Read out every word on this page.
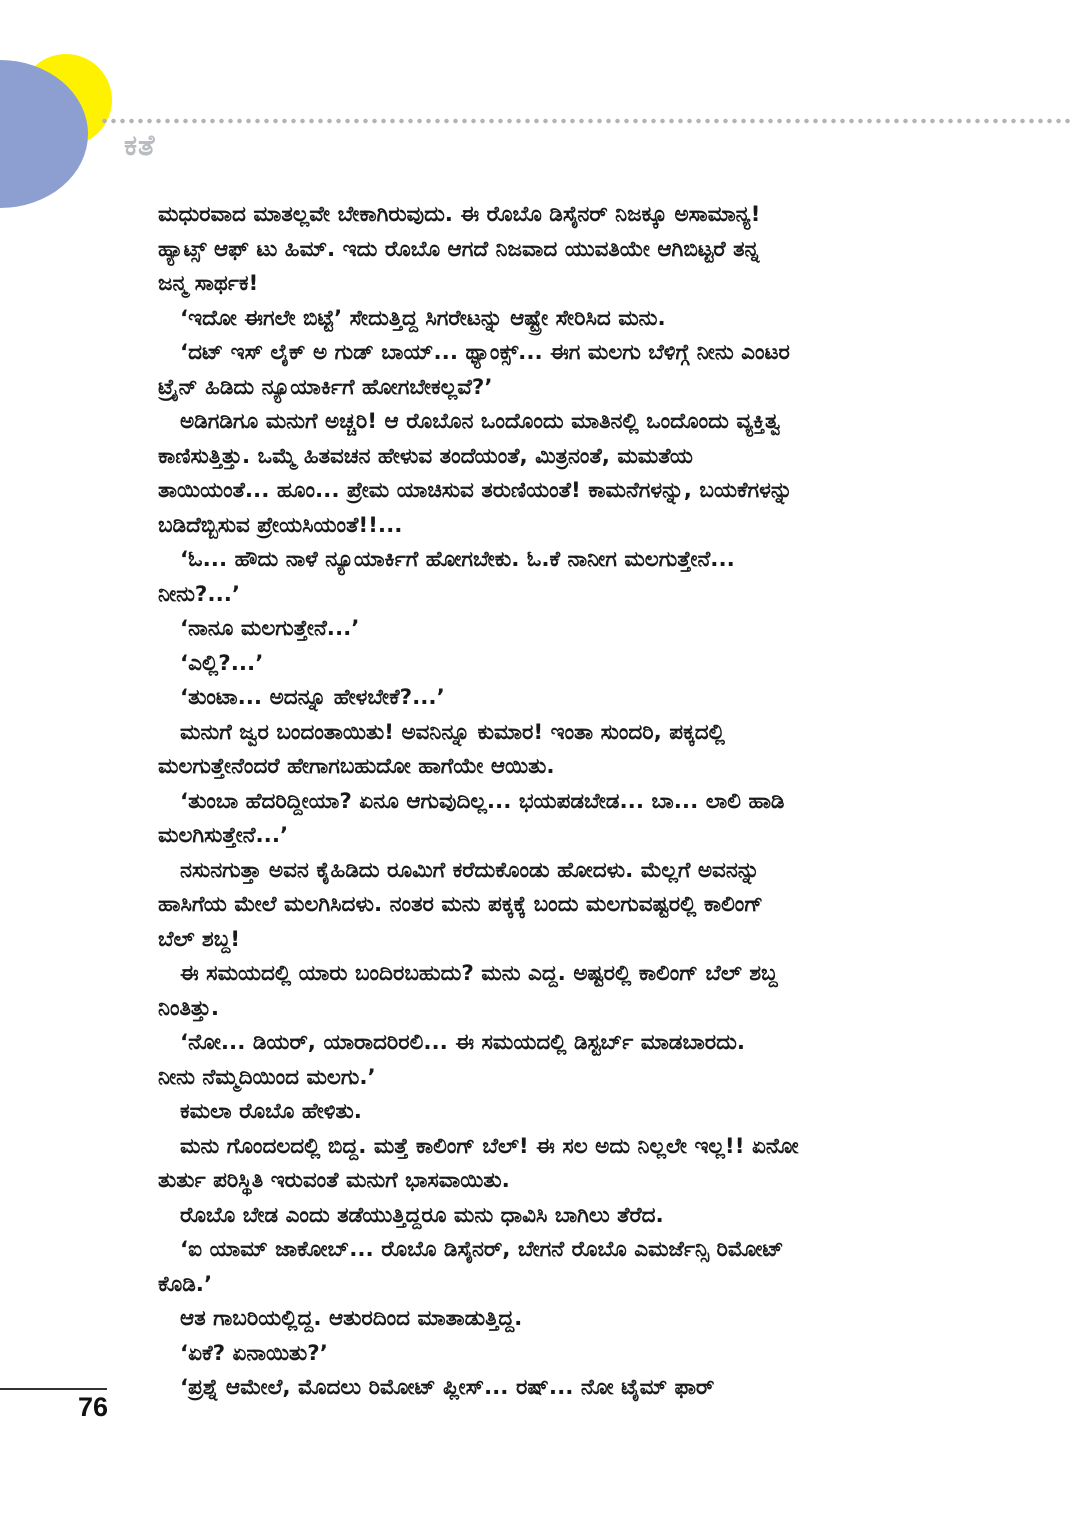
ಕತೆ
ಮಧುರವಾದ ಮಾತಲ್ಲವೇ ಬೇಕಾಗಿರುವುದು. ಈ ರೊಬೊ ಡಿಸೈನರ್ ನಿಜಕ್ಕೂ ಅಸಾಮಾನ್ಯ!
ಹ್ಯಾಟ್ಸ್ ಆಫ್ ಟು ಹಿಮ್. ಇದು ರೊಬೊ ಆಗದೆ ನಿಜವಾದ ಯುವತಿಯೇ ಆಗಿಬಿಟ್ಟರೆ ತನ್ನ
ಜನ್ಮ ಸಾರ್ಥಕ!
‘ಇದೋ ಈಗಲೇ ಬಿಟ್ಟೆ’ ಸೇದುತ್ತಿದ್ದ ಸಿಗರೇಟನ್ನು ಆಷ್ಟ್ರೇ ಸೇರಿಸಿದ ಮನು.
‘ದಟ್ ಇಸ್ ಲೈಕ್ ಅ ಗುಡ್ ಬಾಯ್... ಥ್ಯಾಂಕ್ಸ್... ಈಗ ಮಲಗು ಬೆಳಿಗ್ಗೆ ನೀನು ಎಂಟರ
ಟ್ರೈನ್ ಹಿಡಿದು ನ್ಯೂಯಾರ್ಕಿಗೆ ಹೋಗಬೇಕಲ್ಲವೆ?’
ಅಡಿಗಡಿಗೂ ಮನುಗೆ ಅಚ್ಚರಿ! ಆ ರೊಬೊನ ಒಂದೊಂದು ಮಾತಿನಲ್ಲಿ ಒಂದೊಂದು ವ್ಯಕ್ತಿತ್ವ
ಕಾಣಿಸುತ್ತಿತ್ತು. ಒಮ್ಮೆ ಹಿತವಚನ ಹೇಳುವ ತಂದೆಯಂತೆ, ಮಿತ್ರನಂತೆ, ಮಮತೆಯ
ತಾಯಿಯಂತೆ... ಹೂಂ... ಪ್ರೇಮ ಯಾಚಿಸುವ ತರುಣಿಯಂತೆ! ಕಾಮನೆಗಳನ್ನು, ಬಯಕೆಗಳನ್ನು
ಬಡಿದೆಬ್ಬಿಸುವ ಪ್ರೇಯಸಿಯಂತೆ!!...
‘ಓ... ಹೌದು ನಾಳೆ ನ್ಯೂಯಾರ್ಕಿಗೆ ಹೋಗಬೇಕು. ಓ.ಕೆ ನಾನೀಗ ಮಲಗುತ್ತೇನೆ...
ನೀನು?...’
‘ನಾನೂ ಮಲಗುತ್ತೇನೆ...’
‘ಎಲ್ಲಿ?...’
‘ತುಂಟಾ... ಅದನ್ನೂ ಹೇಳಬೇಕೆ?...’
ಮನುಗೆ ಜ್ವರ ಬಂದಂತಾಯಿತು! ಅವನಿನ್ನೂ ಕುಮಾರ! ಇಂತಾ ಸುಂದರಿ, ಪಕ್ಕದಲ್ಲಿ
ಮಲಗುತ್ತೇನೆಂದರೆ ಹೇಗಾಗಬಹುದೋ ಹಾಗೆಯೇ ಆಯಿತು.
‘ತುಂಬಾ ಹೆದರಿದ್ದೀಯಾ? ಏನೂ ಆಗುವುದಿಲ್ಲ... ಭಯಪಡಬೇಡ... ಬಾ... ಲಾಲಿ ಹಾಡಿ
ಮಲಗಿಸುತ್ತೇನೆ...’
ನಸುನಗುತ್ತಾ ಅವನ ಕೈಹಿಡಿದು ರೂಮಿಗೆ ಕರೆದುಕೊಂಡು ಹೋದಳು. ಮೆಲ್ಲಗೆ ಅವನನ್ನು
ಹಾಸಿಗೆಯ ಮೇಲೆ ಮಲಗಿಸಿದಳು. ನಂತರ ಮನು ಪಕ್ಕಕ್ಕೆ ಬಂದು ಮಲಗುವಷ್ಟರಲ್ಲಿ ಕಾಲಿಂಗ್
ಬೆಲ್ ಶಬ್ದ!
ಈ ಸಮಯದಲ್ಲಿ ಯಾರು ಬಂದಿರಬಹುದು? ಮನು ಎದ್ದ. ಅಷ್ಟರಲ್ಲಿ ಕಾಲಿಂಗ್ ಬೆಲ್ ಶಬ್ದ
ನಿಂತಿತ್ತು.
‘ನೋ... ಡಿಯರ್, ಯಾರಾದರಿರಲಿ... ಈ ಸಮಯದಲ್ಲಿ ಡಿಸ್ಟರ್ಬ್ ಮಾಡಬಾರದು.
ನೀನು ನೆಮ್ಮದಿಯಿಂದ ಮಲಗು.’
ಕಮಲಾ ರೊಬೊ ಹೇಳಿತು.
ಮನು ಗೊಂದಲದಲ್ಲಿ ಬಿದ್ದ. ಮತ್ತೆ ಕಾಲಿಂಗ್ ಬೆಲ್! ಈ ಸಲ ಅದು ನಿಲ್ಲಲೇ ಇಲ್ಲ!! ಏನೋ
ತುರ್ತು ಪರಿಸ್ಥಿತಿ ಇರುವಂತೆ ಮನುಗೆ ಭಾಸವಾಯಿತು.
ರೊಬೊ ಬೇಡ ಎಂದು ತಡೆಯುತ್ತಿದ್ದರೂ ಮನು ಧಾವಿಸಿ ಬಾಗಿಲು ತೆರೆದ.
‘ಐ ಯಾಮ್ ಜಾಕೋಬ್... ರೊಬೊ ಡಿಸೈನರ್, ಬೇಗನೆ ರೊಬೊ ಎಮರ್ಜೆನ್ಸಿ ರಿಮೋಟ್
ಕೊಡಿ.’
ಆತ ಗಾಬರಿಯಲ್ಲಿದ್ದ. ಆತುರದಿಂದ ಮಾತಾಡುತ್ತಿದ್ದ.
‘ಏಕೆ? ಏನಾಯಿತು?’
‘ಪ್ರಶ್ನೆ ಆಮೇಲೆ, ಮೊದಲು ರಿಮೋಟ್ ಪ್ಲೀಸ್... ರಷ್... ನೋ ಟೈಮ್ ಫಾರ್
76
